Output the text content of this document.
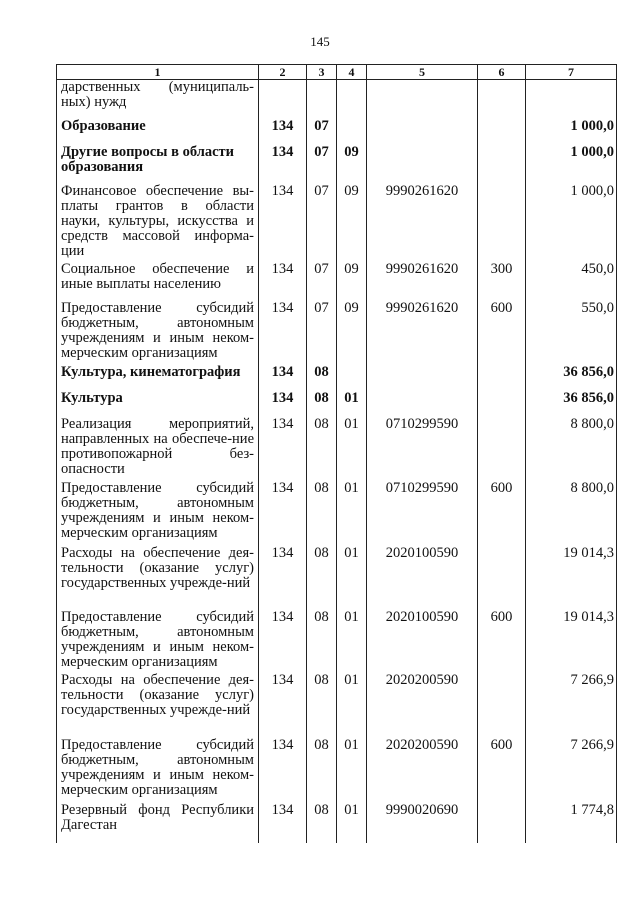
145
1	2	3	4	5	6	7
дарственных (муниципаль-ных) нужд						
Образование	134	07				1 000,0
Другие вопросы в области образования	134	07	09			1 000,0
Финансовое обеспечение вы-платы грантов в области науки, культуры, искусства и средств массовой информа-ции	134	07	09	9990261620		1 000,0
Социальное обеспечение и иные выплаты населению	134	07	09	9990261620	300	450,0
Предоставление субсидий бюджетным, автономным учреждениям и иным неком-мерческим организациям	134	07	09	9990261620	600	550,0
Культура, кинематография	134	08				36 856,0
Культура	134	08	01			36 856,0
Реализация мероприятий, направленных на обеспече-ние противопожарной без-опасности	134	08	01	0710299590		8 800,0
Предоставление субсидий бюджетным, автономным учреждениям и иным неком-мерческим организациям	134	08	01	0710299590	600	8 800,0
Расходы на обеспечение дея-тельности (оказание услуг) государственных учрежде-ний	134	08	01	2020100590		19 014,3
Предоставление субсидий бюджетным, автономным учреждениям и иным неком-мерческим организациям	134	08	01	2020100590	600	19 014,3
Расходы на обеспечение дея-тельности (оказание услуг) государственных учрежде-ний	134	08	01	2020200590		7 266,9
Предоставление субсидий бюджетным, автономным учреждениям и иным неком-мерческим организациям	134	08	01	2020200590	600	7 266,9
Резервный фонд Республики Дагестан	134	08	01	9990020690		1 774,8
